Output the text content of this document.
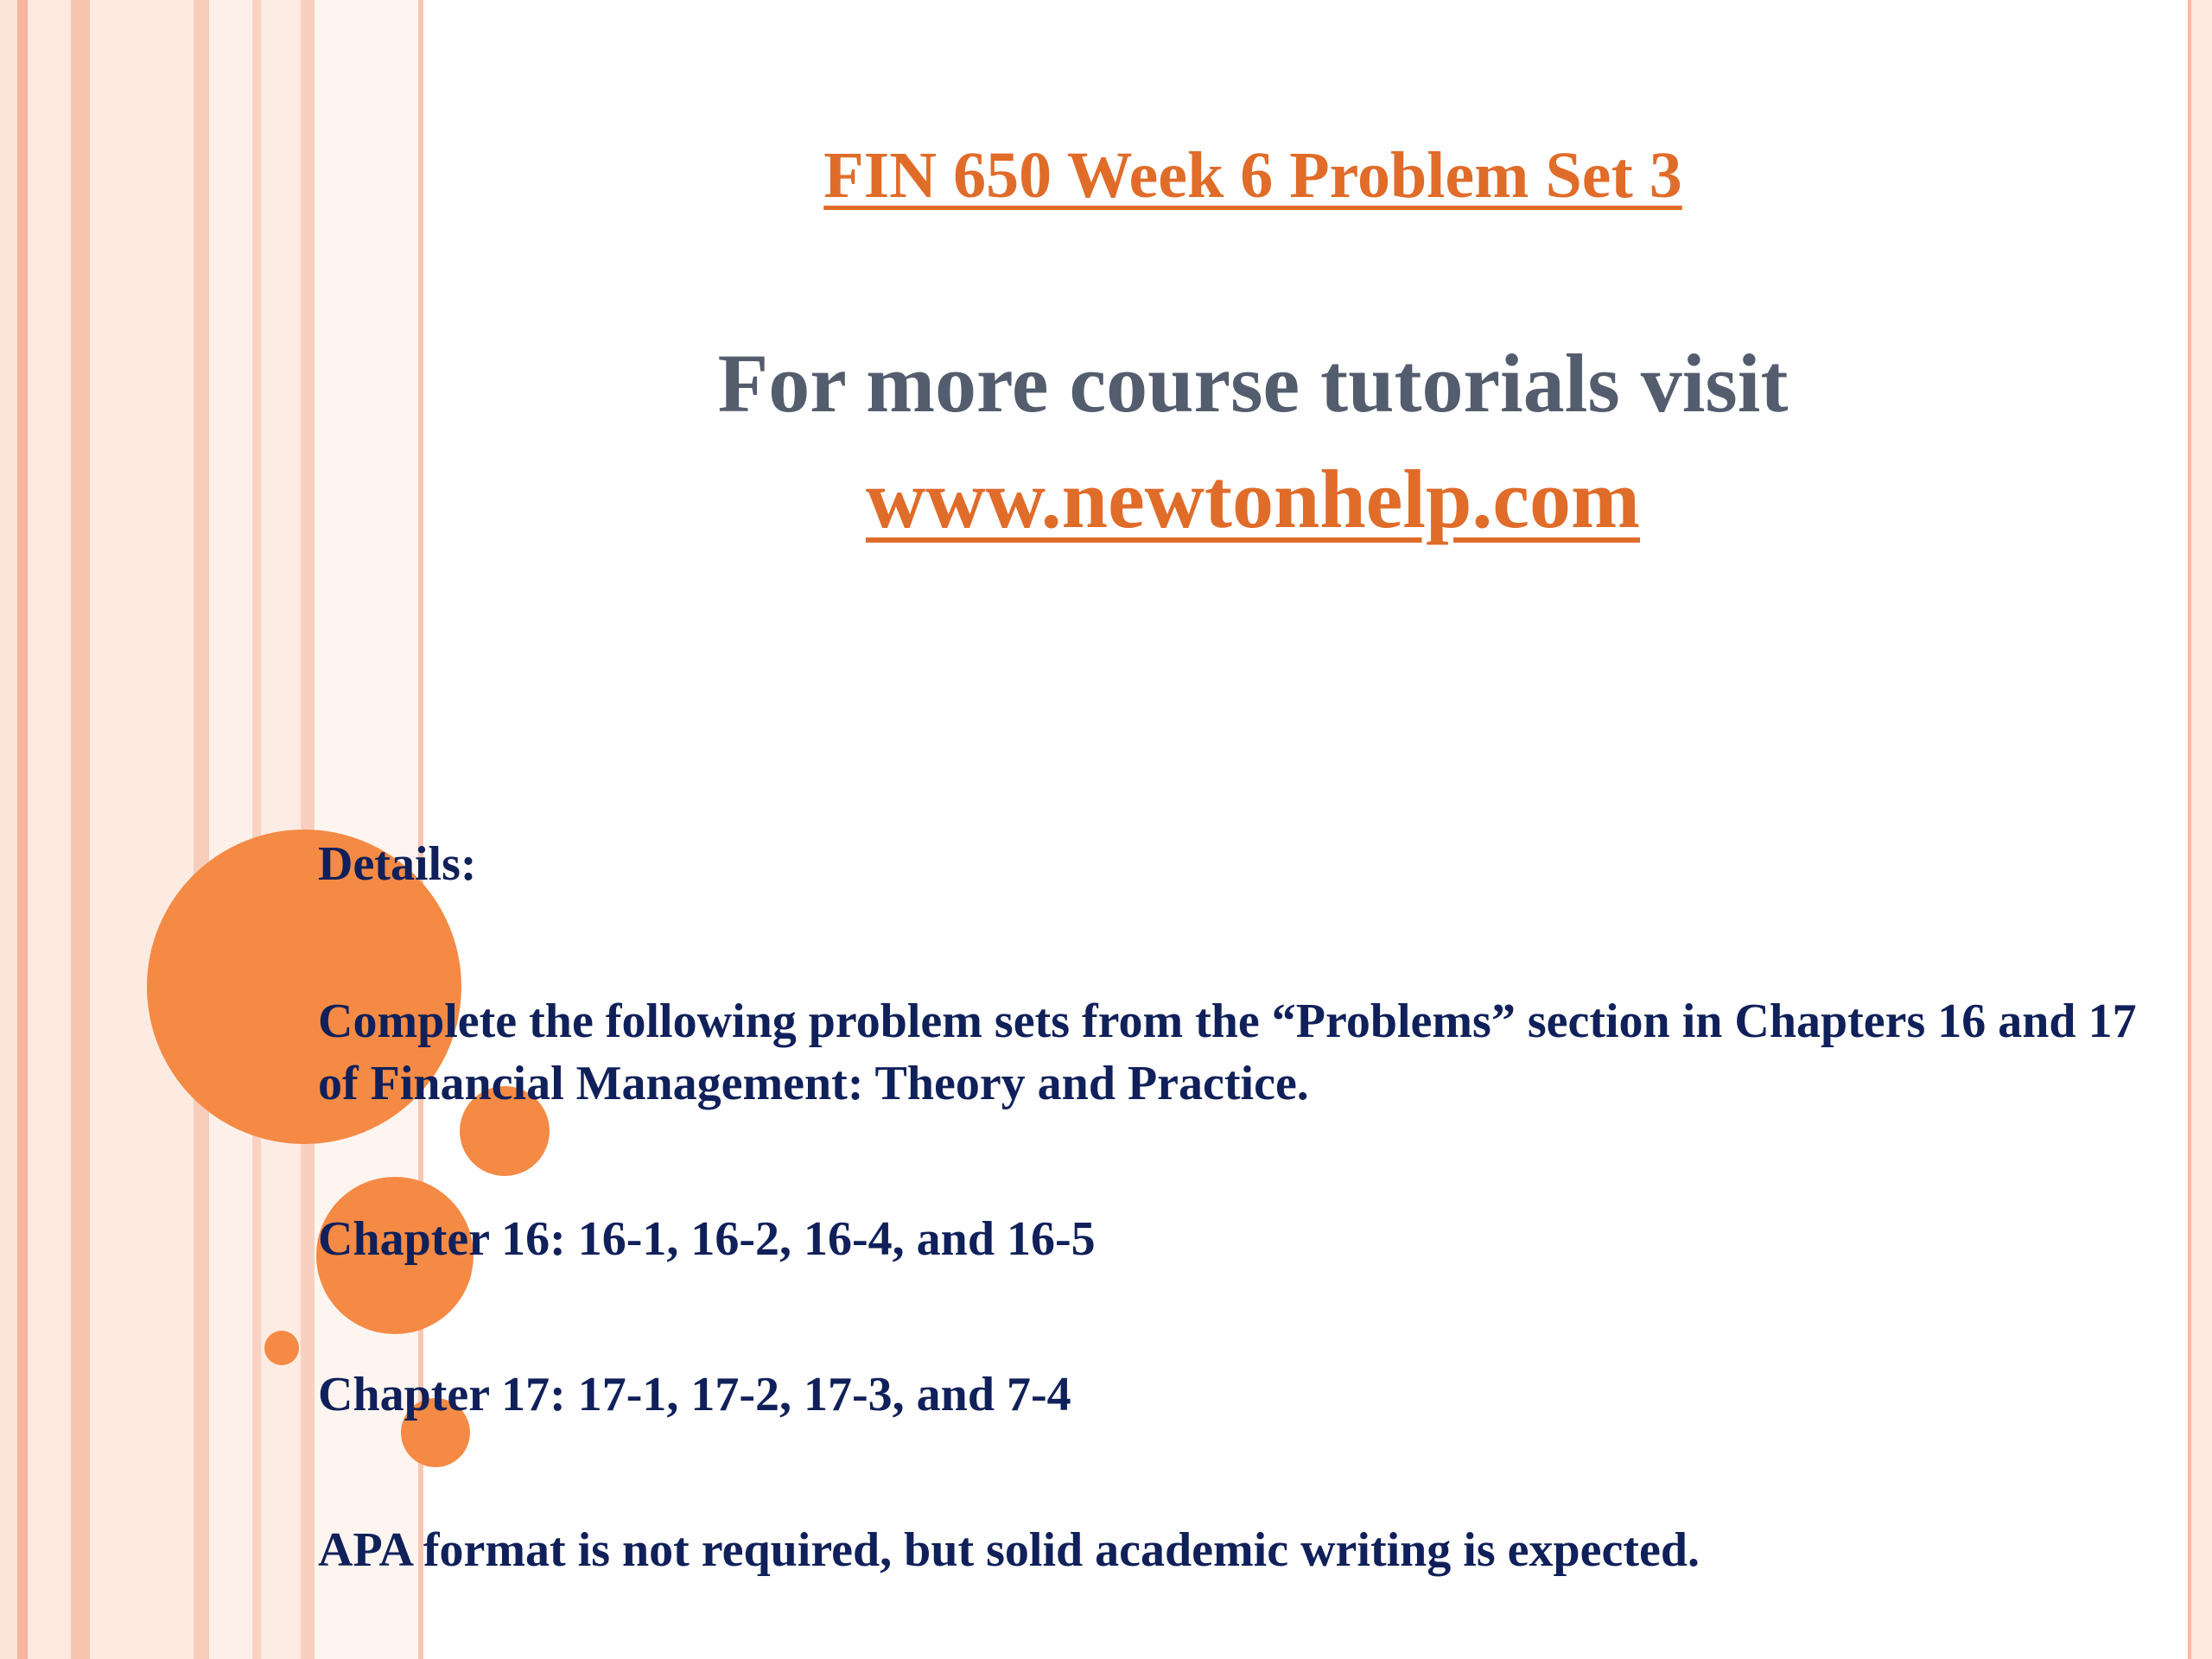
FIN 650 Week 6 Problem Set 3

For more course tutorials visit

www.newtonhelp.com

Details:

Complete the following problem sets from the “Problems” section in Chapters 16 and 17 of Financial Management: Theory and Practice.

Chapter 16: 16-1, 16-2, 16-4, and 16-5

Chapter 17: 17-1, 17-2, 17-3, and 7-4

APA format is not required, but solid academic writing is expected.
